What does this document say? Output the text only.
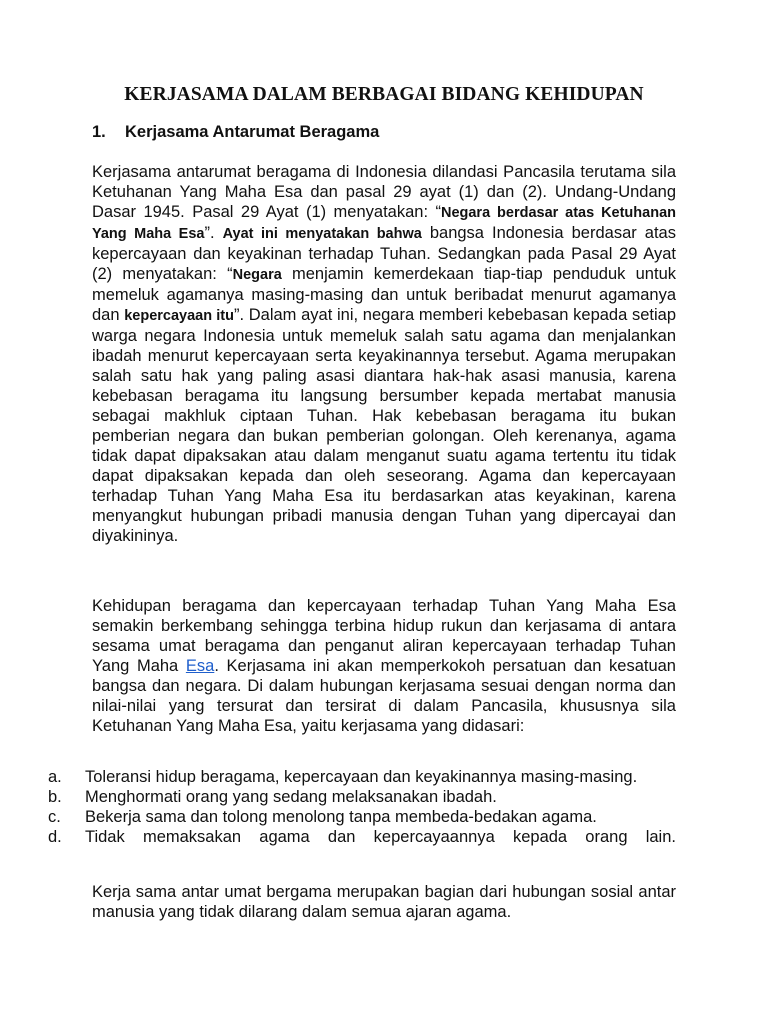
KERJASAMA DALAM BERBAGAI BIDANG KEHIDUPAN
1. Kerjasama Antarumat Beragama
Kerjasama antarumat beragama di Indonesia dilandasi Pancasila terutama sila Ketuhanan Yang Maha Esa dan pasal 29 ayat (1) dan (2). Undang-Undang Dasar 1945. Pasal 29 Ayat (1) menyatakan: “Negara berdasar atas Ketuhanan Yang Maha Esa”. Ayat ini menyatakan bahwa bangsa Indonesia berdasar atas kepercayaan dan keyakinan terhadap Tuhan. Sedangkan pada Pasal 29 Ayat (2) menyatakan: “Negara menjamin kemerdekaan tiap-tiap penduduk untuk memeluk agamanya masing-masing dan untuk beribadat menurut agamanya dan kepercayaan itu”. Dalam ayat ini, negara memberi kebebasan kepada setiap warga negara Indonesia untuk memeluk salah satu agama dan menjalankan ibadah menurut kepercayaan serta keyakinannya tersebut. Agama merupakan salah satu hak yang paling asasi diantara hak-hak asasi manusia, karena kebebasan beragama itu langsung bersumber kepada mertabat manusia sebagai makhluk ciptaan Tuhan. Hak kebebasan beragama itu bukan pemberian negara dan bukan pemberian golongan. Oleh kerenanya, agama tidak dapat dipaksakan atau dalam menganut suatu agama tertentu itu tidak dapat dipaksakan kepada dan oleh seseorang. Agama dan kepercayaan terhadap Tuhan Yang Maha Esa itu berdasarkan atas keyakinan, karena menyangkut hubungan pribadi manusia dengan Tuhan yang dipercayai dan diyakininya.
Kehidupan beragama dan kepercayaan terhadap Tuhan Yang Maha Esa semakin berkembang sehingga terbina hidup rukun dan kerjasama di antara sesama umat beragama dan penganut aliran kepercayaan terhadap Tuhan Yang Maha Esa. Kerjasama ini akan memperkokoh persatuan dan kesatuan bangsa dan negara. Di dalam hubungan kerjasama sesuai dengan norma dan nilai-nilai yang tersurat dan tersirat di dalam Pancasila, khususnya sila Ketuhanan Yang Maha Esa, yaitu kerjasama yang didasari:
a. Toleransi hidup beragama, kepercayaan dan keyakinannya masing-masing.
b. Menghormati orang yang sedang melaksanakan ibadah.
c. Bekerja sama dan tolong menolong tanpa membeda-bedakan agama.
d. Tidak memaksakan agama dan kepercayaannya kepada orang lain.
Kerja sama antar umat bergama merupakan bagian dari hubungan sosial antar manusia yang tidak dilarang dalam semua ajaran agama.
